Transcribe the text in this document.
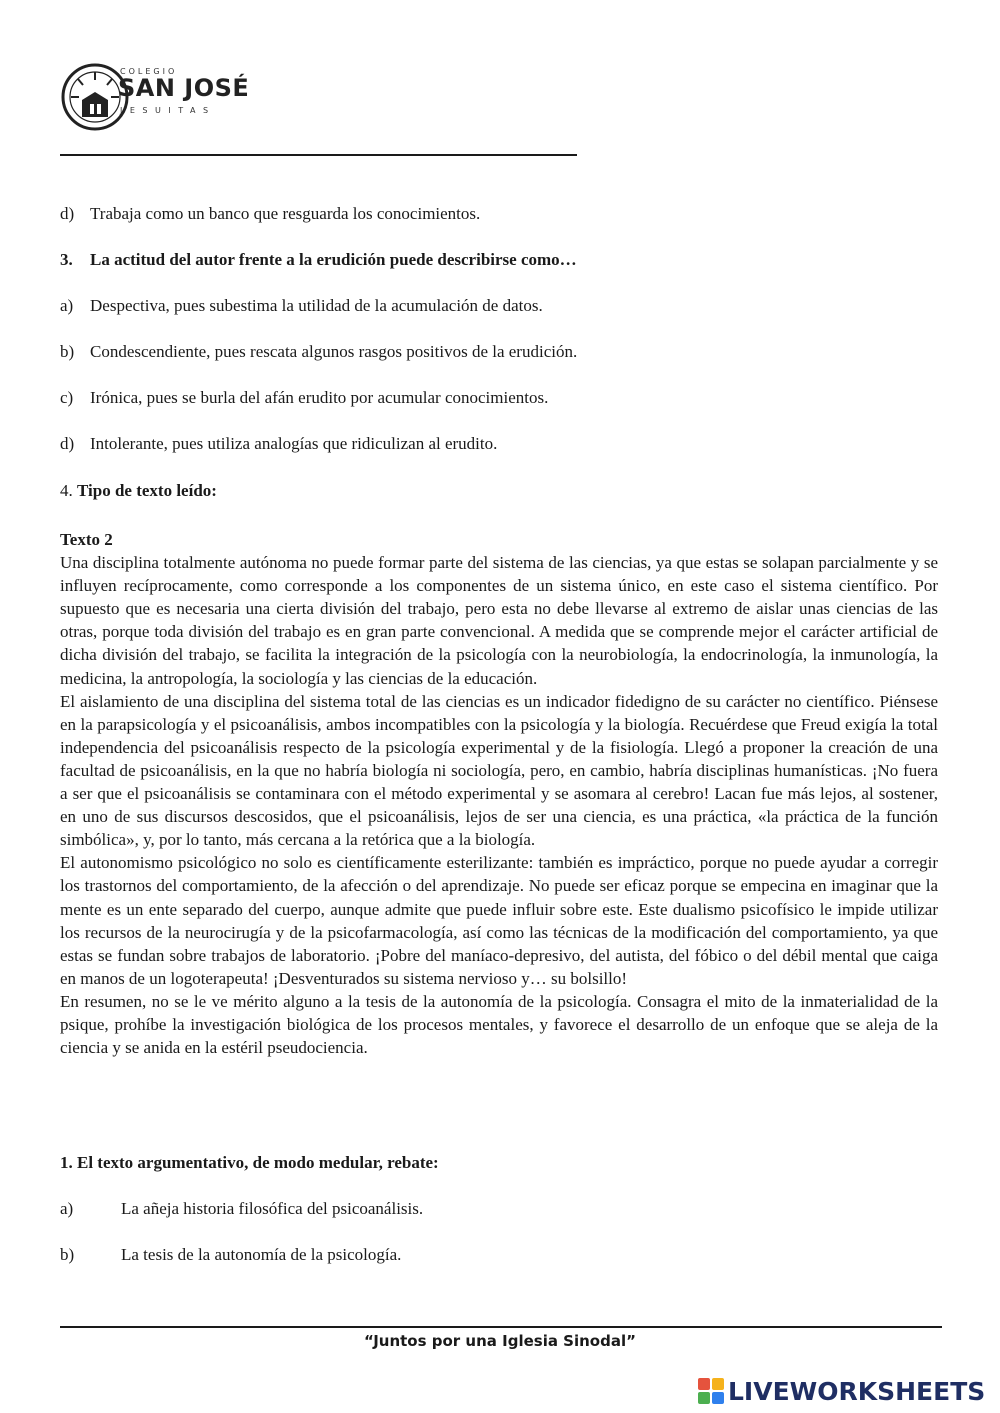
COLEGIO
SAN JOSÉ
JESUITAS
d) Trabaja como un banco que resguarda los conocimientos.
3. La actitud del autor frente a la erudición puede describirse como…
a) Despectiva, pues subestima la utilidad de la acumulación de datos.
b) Condescendiente, pues rescata algunos rasgos positivos de la erudición.
c) Irónica, pues se burla del afán erudito por acumular conocimientos.
d) Intolerante, pues utiliza analogías que ridiculizan al erudito.
4. Tipo de texto leído:
Texto 2

Una disciplina totalmente autónoma no puede formar parte del sistema de las ciencias, ya que estas se solapan parcialmente y se influyen recíprocamente, como corresponde a los componentes de un sistema único, en este caso el sistema científico. Por supuesto que es necesaria una cierta división del trabajo, pero esta no debe llevarse al extremo de aislar unas ciencias de las otras, porque toda división del trabajo es en gran parte convencional. A medida que se comprende mejor el carácter artificial de dicha división del trabajo, se facilita la integración de la psicología con la neurobiología, la endocrinología, la inmunología, la medicina, la antropología, la sociología y las ciencias de la educación.

El aislamiento de una disciplina del sistema total de las ciencias es un indicador fidedigno de su carácter no científico. Piénsese en la parapsicología y el psicoanálisis, ambos incompatibles con la psicología y la biología. Recuérdese que Freud exigía la total independencia del psicoanálisis respecto de la psicología experimental y de la fisiología. Llegó a proponer la creación de una facultad de psicoanálisis, en la que no habría biología ni sociología, pero, en cambio, habría disciplinas humanísticas. ¡No fuera a ser que el psicoanálisis se contaminara con el método experimental y se asomara al cerebro! Lacan fue más lejos, al sostener, en uno de sus discursos descosidos, que el psicoanálisis, lejos de ser una ciencia, es una práctica, «la práctica de la función simbólica», y, por lo tanto, más cercana a la retórica que a la biología.

El autonomismo psicológico no solo es científicamente esterilizante: también es impráctico, porque no puede ayudar a corregir los trastornos del comportamiento, de la afección o del aprendizaje. No puede ser eficaz porque se empecina en imaginar que la mente es un ente separado del cuerpo, aunque admite que puede influir sobre este. Este dualismo psicofísico le impide utilizar los recursos de la neurocirugía y de la psicofarmacología, así como las técnicas de la modificación del comportamiento, ya que estas se fundan sobre trabajos de laboratorio. ¡Pobre del maníaco-depresivo, del autista, del fóbico o del débil mental que caiga en manos de un logoterapeuta! ¡Desventurados su sistema nervioso y… su bolsillo!

En resumen, no se le ve mérito alguno a la tesis de la autonomía de la psicología. Consagra el mito de la inmaterialidad de la psique, prohíbe la investigación biológica de los procesos mentales, y favorece el desarrollo de un enfoque que se aleja de la ciencia y se anida en la estéril pseudociencia.

1. El texto argumentativo, de modo medular, rebate:
a)	La añeja historia filosófica del psicoanálisis.
b)	La tesis de la autonomía de la psicología.
“Juntos por una Iglesia Sinodal”
LIVEWORKSHEETS
